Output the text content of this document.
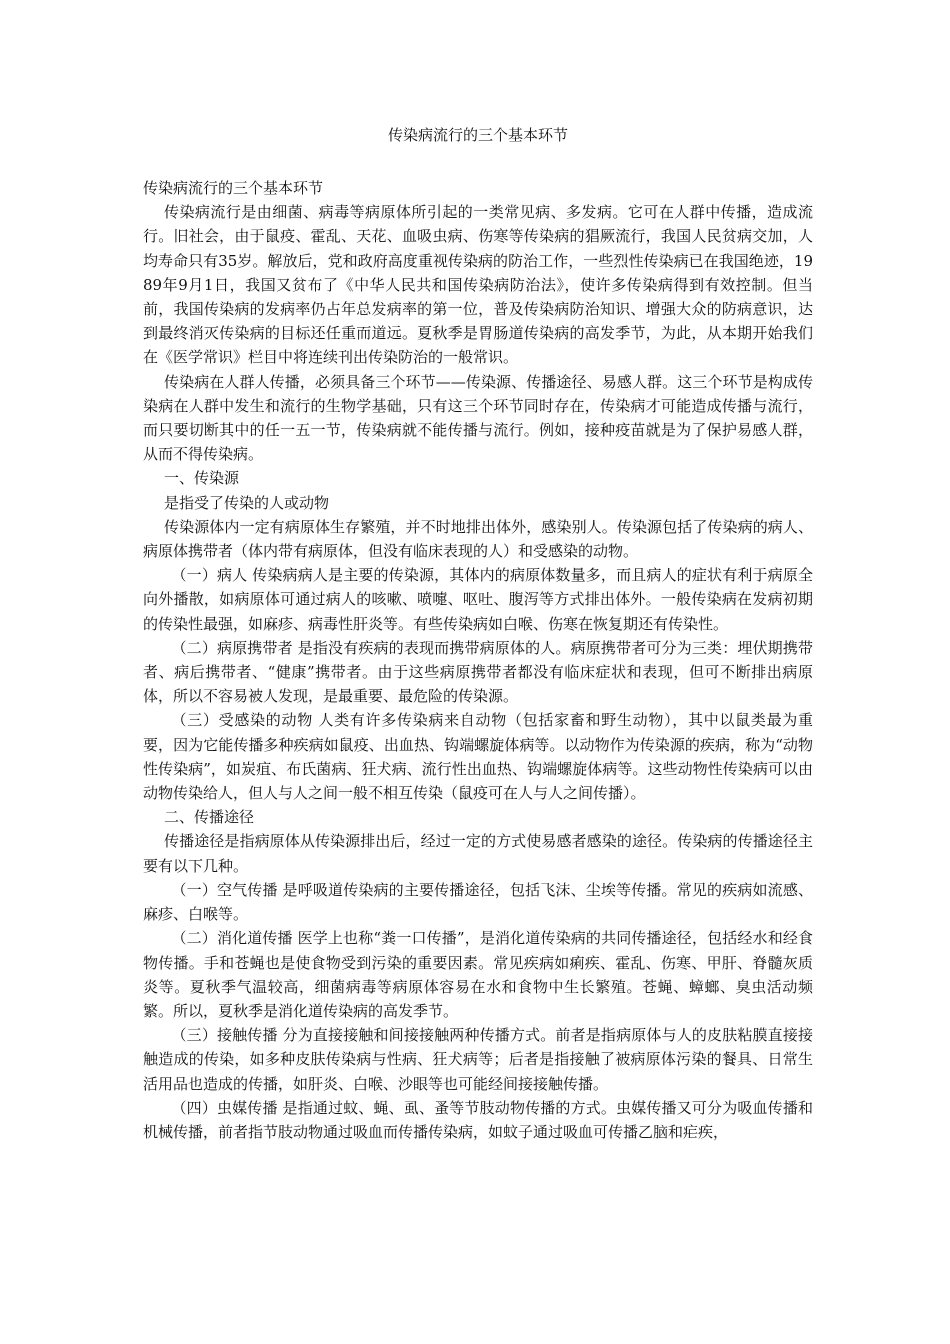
传染病流行的三个基本环节

传染病流行的三个基本环节

传染病流行是由细菌、病毒等病原体所引起的一类常见病、多发病。它可在人群中传播，造成流行。旧社会，由于鼠疫、霍乱、天花、血吸虫病、伤寒等传染病的猖厥流行，我国人民贫病交加，人均寿命只有35岁。解放后，党和政府高度重视传染病的防治工作，一些烈性传染病已在我国绝迹，1989年9月1日，我国又贫布了《中华人民共和国传染病防治法》，使许多传染病得到有效控制。但当前，我国传染病的发病率仍占年总发病率的第一位，普及传染病防治知识、增强大众的防病意识，达到最终消灭传染病的目标还任重而道远。夏秋季是胃肠道传染病的高发季节，为此，从本期开始我们在《医学常识》栏目中将连续刊出传染防治的一般常识。

传染病在人群人传播，必须具备三个环节——传染源、传播途径、易感人群。这三个环节是构成传染病在人群中发生和流行的生物学基础，只有这三个环节同时存在，传染病才可能造成传播与流行，而只要切断其中的任一五一节，传染病就不能传播与流行。例如，接种疫苗就是为了保护易感人群，从而不得传染病。

一、传染源

是指受了传染的人或动物

传染源体内一定有病原体生存繁殖，并不时地排出体外，感染别人。传染源包括了传染病的病人、病原体携带者（体内带有病原体，但没有临床表现的人）和受感染的动物。

（一）病人 传染病病人是主要的传染源，其体内的病原体数量多，而且病人的症状有利于病原全向外播散，如病原体可通过病人的咳嗽、喷嚏、呕吐、腹泻等方式排出体外。一般传染病在发病初期的传染性最强，如麻疹、病毒性肝炎等。有些传染病如白喉、伤寒在恢复期还有传染性。

（二）病原携带者 是指没有疾病的表现而携带病原体的人。病原携带者可分为三类：埋伏期携带者、病后携带者、“健康”携带者。由于这些病原携带者都没有临床症状和表现，但可不断排出病原体，所以不容易被人发现，是最重要、最危险的传染源。

（三）受感染的动物 人类有许多传染病来自动物（包括家畜和野生动物），其中以鼠类最为重要，因为它能传播多种疾病如鼠疫、出血热、钩端螺旋体病等。以动物作为传染源的疾病，称为“动物性传染病”，如炭疽、布氏菌病、狂犬病、流行性出血热、钩端螺旋体病等。这些动物性传染病可以由动物传染给人，但人与人之间一般不相互传染（鼠疫可在人与人之间传播）。

二、传播途径

传播途径是指病原体从传染源排出后，经过一定的方式使易感者感染的途径。传染病的传播途径主要有以下几种。

（一）空气传播 是呼吸道传染病的主要传播途径，包括飞沫、尘埃等传播。常见的疾病如流感、麻疹、白喉等。

（二）消化道传播 医学上也称“粪一口传播”，是消化道传染病的共同传播途径，包括经水和经食物传播。手和苍蝇也是使食物受到污染的重要因素。常见疾病如痢疾、霍乱、伤寒、甲肝、脊髓灰质炎等。夏秋季气温较高，细菌病毒等病原体容易在水和食物中生长繁殖。苍蝇、蟑螂、臭虫活动频繁。所以，夏秋季是消化道传染病的高发季节。

（三）接触传播 分为直接接触和间接接触两种传播方式。前者是指病原体与人的皮肤粘膜直接接触造成的传染，如多种皮肤传染病与性病、狂犬病等；后者是指接触了被病原体污染的餐具、日常生活用品也造成的传播，如肝炎、白喉、沙眼等也可能经间接接触传播。

（四）虫媒传播 是指通过蚊、蝇、虱、蚤等节肢动物传播的方式。虫媒传播又可分为吸血传播和机械传播，前者指节肢动物通过吸血而传播传染病，如蚊子通过吸血可传播乙脑和疟疾，
